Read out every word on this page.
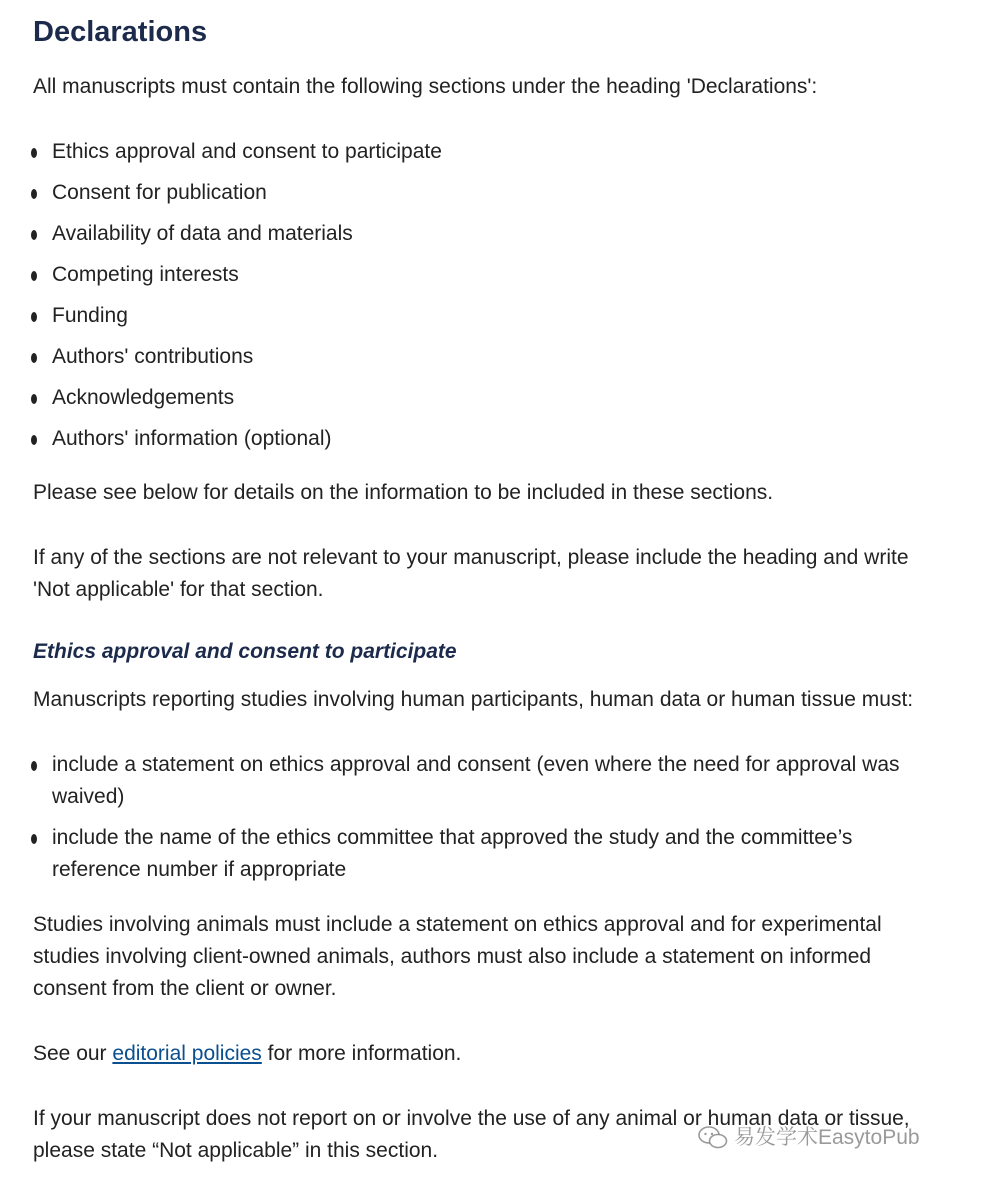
Declarations

All manuscripts must contain the following sections under the heading 'Declarations':

Ethics approval and consent to participate
Consent for publication
Availability of data and materials
Competing interests
Funding
Authors' contributions
Acknowledgements
Authors' information (optional)

Please see below for details on the information to be included in these sections.

If any of the sections are not relevant to your manuscript, please include the heading and write 'Not applicable' for that section.

Ethics approval and consent to participate

Manuscripts reporting studies involving human participants, human data or human tissue must:

include a statement on ethics approval and consent (even where the need for approval was waived)
include the name of the ethics committee that approved the study and the committee’s reference number if appropriate

Studies involving animals must include a statement on ethics approval and for experimental studies involving client-owned animals, authors must also include a statement on informed consent from the client or owner.

See our editorial policies for more information.

If your manuscript does not report on or involve the use of any animal or human data or tissue, please state “Not applicable” in this section.

易发学术EasytoPub
